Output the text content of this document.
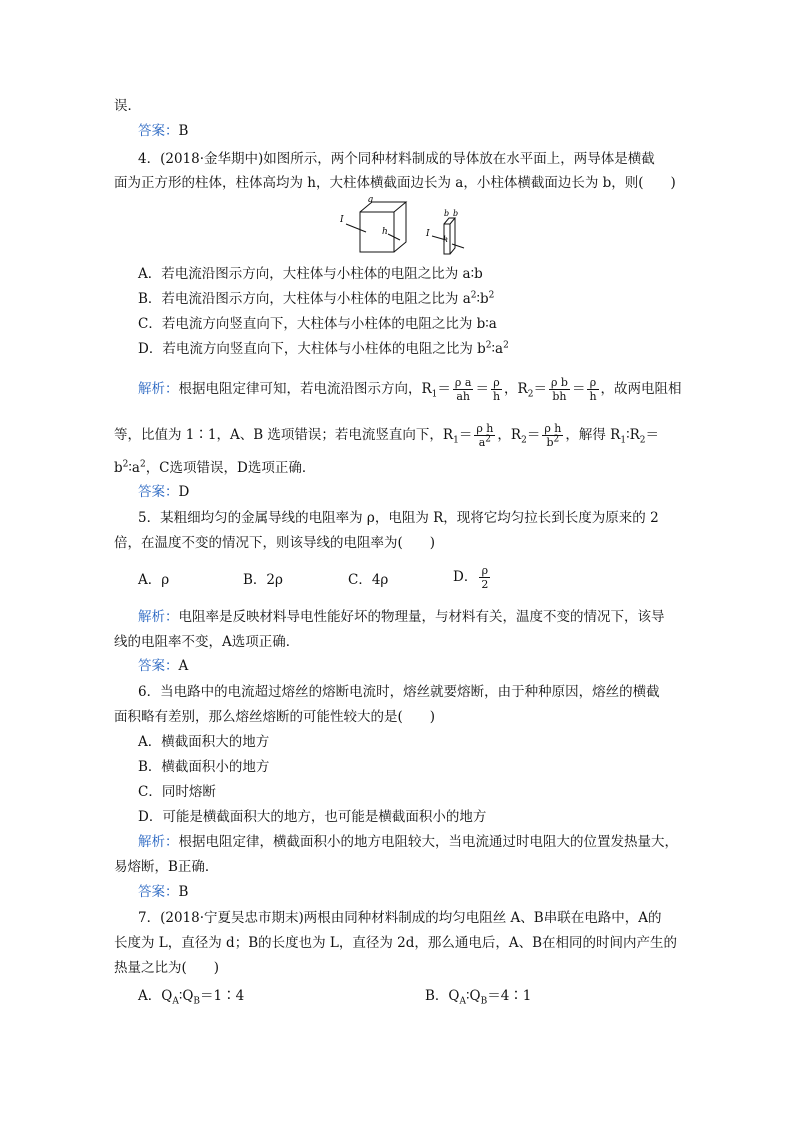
误．
答案：B
4．(2018·金华期中)如图所示，两个同种材料制成的导体放在水平面上，两导体是横截
面为正方形的柱体，柱体高均为 h，大柱体横截面边长为 a，小柱体横截面边长为 b，则(　　)
a
h
I
b b
h
I
A．若电流沿图示方向，大柱体与小柱体的电阻之比为 a∶b
B．若电流沿图示方向，大柱体与小柱体的电阻之比为 $a^2∶b^2$
C．若电流方向竖直向下，大柱体与小柱体的电阻之比为 b∶a
D．若电流方向竖直向下，大柱体与小柱体的电阻之比为 $b^2∶a^2$
解析：根据电阻定律可知，若电流沿图示方向，$R_1= \frac{\text{ρ a}}{ah} = \frac{\rho}{h}$ ，$R_2= \frac{\text{ρ b}}{bh} = \frac{\rho}{h}$ ，故两电阻相
等，比值为 1∶1，A、B 选项错误；若电流竖直向下，$R_1= \frac{\text{ρ h}}{a^2}$ ，$R_2= \frac{\text{ρ h}}{b^2}$ ，解得 $R_1∶R_2=$
$b^2∶a^2$，C选项错误，D选项正确．
答案：D
5．某粗细均匀的金属导线的电阻率为 ρ，电阻为 R，现将它均匀拉长到长度为原来的 2
倍，在温度不变的情况下，则该导线的电阻率为(　　)
A．ρ	B．2ρ	C．4ρ	D． $\frac{\rho}{2}$
解析：电阻率是反映材料导电性能好坏的物理量，与材料有关，温度不变的情况下，该导
线的电阻率不变，A选项正确．
答案：A
6．当电路中的电流超过熔丝的熔断电流时，熔丝就要熔断，由于种种原因，熔丝的横截
面积略有差别，那么熔丝熔断的可能性较大的是(　　)
A．横截面积大的地方
B．横截面积小的地方
C．同时熔断
D．可能是横截面积大的地方，也可能是横截面积小的地方
解析：根据电阻定律，横截面积小的地方电阻较大，当电流通过时电阻大的位置发热量大，
易熔断，B正确．
答案：B
7．(2018·宁夏吴忠市期末)两根由同种材料制成的均匀电阻丝 A、B串联在电路中，A的
长度为 L，直径为 d；B的长度也为 L，直径为 2d，那么通电后，A、B在相同的时间内产生的
热量之比为(　　)
A．$Q_A∶Q_B=1∶4$	B．$Q_A∶Q_B=4∶1$
